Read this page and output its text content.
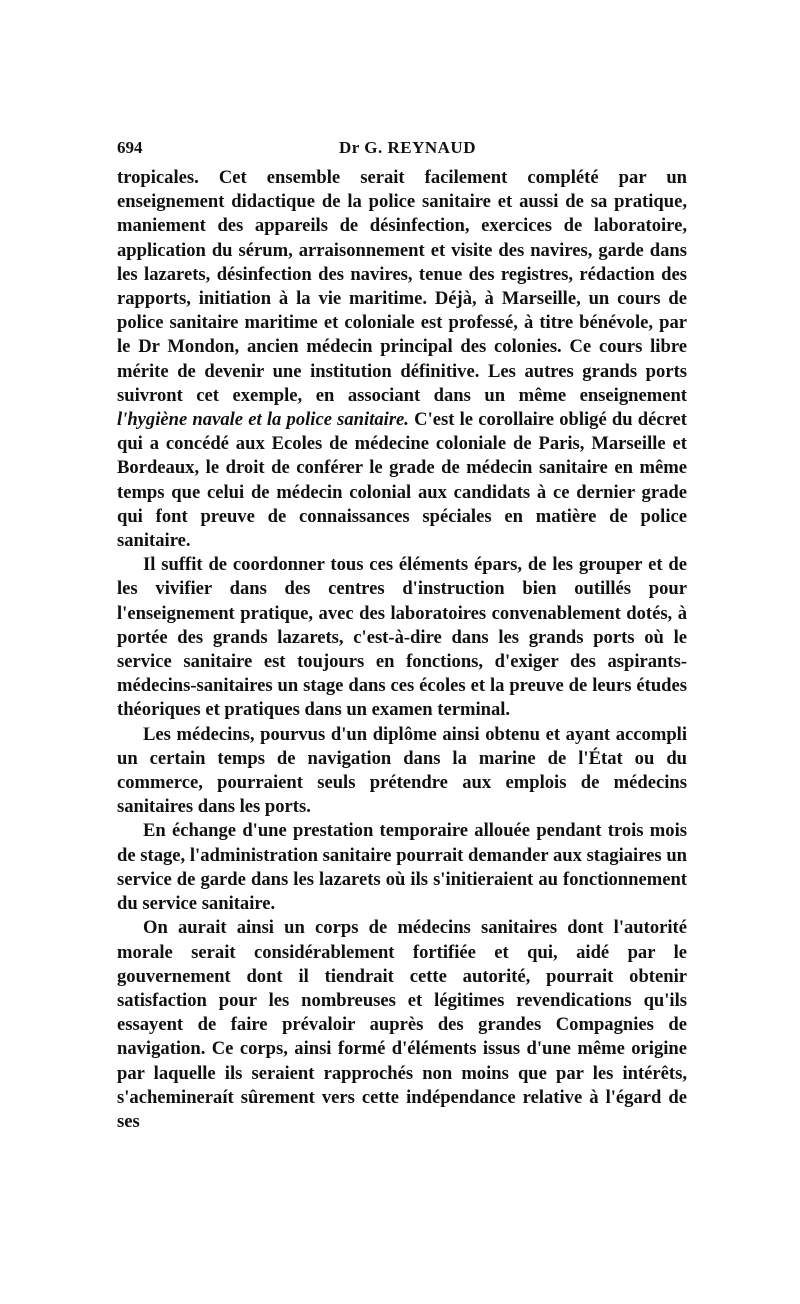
694	Dr G. REYNAUD

tropicales. Cet ensemble serait facilement complété par un enseignement didactique de la police sanitaire et aussi de sa pratique, maniement des appareils de désinfection, exercices de laboratoire, application du sérum, arraisonnement et visite des navires, garde dans les lazarets, désinfection des navires, tenue des registres, rédaction des rapports, initiation à la vie maritime. Déjà, à Marseille, un cours de police sanitaire maritime et coloniale est professé, à titre bénévole, par le Dr Mondon, ancien médecin principal des colonies. Ce cours libre mérite de devenir une institution définitive. Les autres grands ports suivront cet exemple, en associant dans un même enseignement l'hygiène navale et la police sanitaire. C'est le corollaire obligé du décret qui a concédé aux Ecoles de médecine coloniale de Paris, Marseille et Bordeaux, le droit de conférer le grade de médecin sanitaire en même temps que celui de médecin colonial aux candidats à ce dernier grade qui font preuve de connaissances spéciales en matière de police sanitaire.

Il suffit de coordonner tous ces éléments épars, de les grouper et de les vivifier dans des centres d'instruction bien outillés pour l'enseignement pratique, avec des laboratoires convenablement dotés, à portée des grands lazarets, c'est-à-dire dans les grands ports où le service sanitaire est toujours en fonctions, d'exiger des aspirants-médecins-sanitaires un stage dans ces écoles et la preuve de leurs études théoriques et pratiques dans un examen terminal.

Les médecins, pourvus d'un diplôme ainsi obtenu et ayant accompli un certain temps de navigation dans la marine de l'État ou du commerce, pourraient seuls prétendre aux emplois de médecins sanitaires dans les ports.

En échange d'une prestation temporaire allouée pendant trois mois de stage, l'administration sanitaire pourrait demander aux stagiaires un service de garde dans les lazarets où ils s'initieraient au fonctionnement du service sanitaire.

On aurait ainsi un corps de médecins sanitaires dont l'autorité morale serait considérablement fortifiée et qui, aidé par le gouvernement dont il tiendrait cette autorité, pourrait obtenir satisfaction pour les nombreuses et légitimes revendications qu'ils essayent de faire prévaloir auprès des grandes Compagnies de navigation. Ce corps, ainsi formé d'éléments issus d'une même origine par laquelle ils seraient rapprochés non moins que par les intérêts, s'achemineraít sûrement vers cette indépendance relative à l'égard de ses
